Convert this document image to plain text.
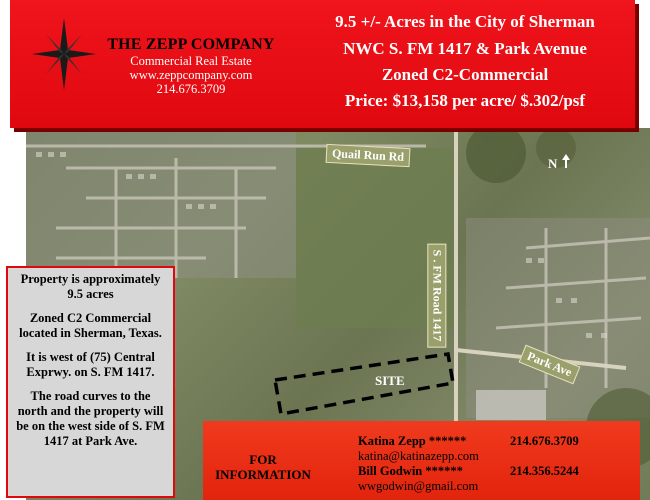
Quail Run Rd
S . FM Road 1417
Park Ave
SITE
N
THE ZEPP COMPANY
Commercial Real Estate
www.zeppcompany.com
214.676.3709
9.5 +/- Acres in the City of Sherman
NWC S. FM 1417 & Park Avenue
Zoned C2-Commercial
Price: $13,158 per acre/ $.302/psf

Property is approximately 9.5 acres

Zoned C2 Commercial located in Sherman, Texas.

It is west of (75) Central Exprwy. on S. FM 1417.

The road curves to the north and the property will be on the west side of S. FM 1417 at Park Ave.

FOR INFORMATION
Katina Zepp ******	214.676.3709
katina@katinazepp.com
Bill Godwin ******	214.356.5244
wwgodwin@gmail.com
